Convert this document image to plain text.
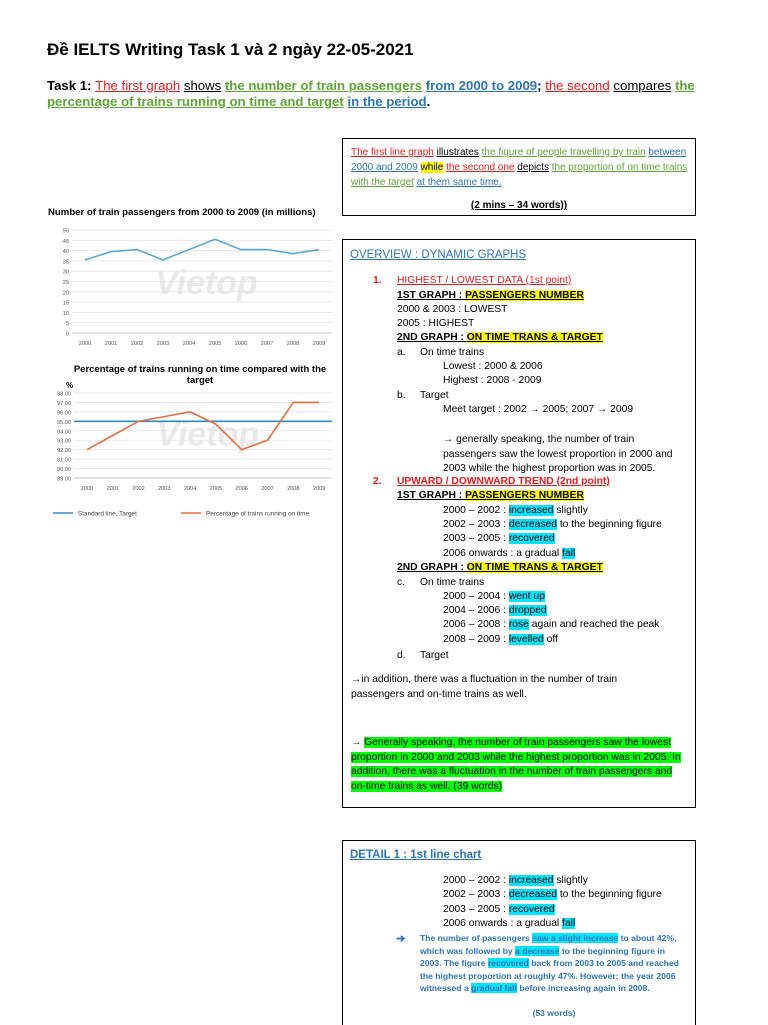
Đề IELTS Writing Task 1 và 2 ngày 22-05-2021
Task 1: The first graph shows the number of train passengers from 2000 to 2009; the second compares the percentage of trains running on time and target in the period.
Number of train passengers from 2000 to 2009 (in millions)
Vietop
0
5
10
15
20
25
30
35
40
45
50
2000 2001 2002 2003 2004 2005 2006 2007 2008 2009
Percentage of trains running on time compared with the target
%
Vietop
89.00
90.00
91.00
92.00
93.00
94.00
95.00
96.00
97.00
98.00
2000 2001 2002 2003 2004 2005 2006 2007 2008 2009
Standard line, Target	Percentage of trains running on time
The first line graph illustrates the figure of people travelling by train between 2000 and 2009 while the second one depicts the proportion of on time trains with the target at them same time.
(2 mins – 34 words))
OVERVIEW : DYNAMIC GRAPHS
1. HIGHEST / LOWEST DATA (1st point)
1ST GRAPH : PASSENGERS NUMBER
2000 & 2003 : LOWEST
2005 : HIGHEST
2ND GRAPH : ON TIME TRANS & TARGET
a. On time trains
Lowest : 2000 & 2006
Highest : 2008 - 2009
b. Target
Meet target : 2002 → 2005; 2007 → 2009
→ generally speaking, the number of train passengers saw the lowest proportion in 2000 and 2003 while the highest proportion was in 2005.
2. UPWARD / DOWNWARD TREND (2nd point)
1ST GRAPH : PASSENGERS NUMBER
2000 – 2002 : increased slightly
2002 – 2003 : decreased to the beginning figure
2003 – 2005 : recovered
2006 onwards : a gradual fall
2ND GRAPH : ON TIME TRANS & TARGET
c. On time trains
2000 – 2004 : went up
2004 – 2006 : dropped
2006 – 2008 : rose again and reached the peak
2008 – 2009 : levelled off
d. Target
→in addition, there was a fluctuation in the number of train passengers and on-time trains as well.
→ Generally speaking, the number of train passengers saw the lowest proportion in 2000 and 2003 while the highest proportion was in 2005. In addition, there was a fluctuation in the number of train passengers and on-time trains as well. (39 words)
DETAIL 1 : 1st line chart
2000 – 2002 : increased slightly
2002 – 2003 : decreased to the beginning figure
2003 – 2005 : recovered
2006 onwards : a gradual fall
➔ The number of passengers saw a slight increase to about 42%, which was followed by a decrease to the beginning figure in 2003. The figure recovered back from 2003 to 2005 and reached the highest proportion at roughly 47%. However; the year 2006 witnessed a gradual fall before increasing again in 2008.
(53 words)
